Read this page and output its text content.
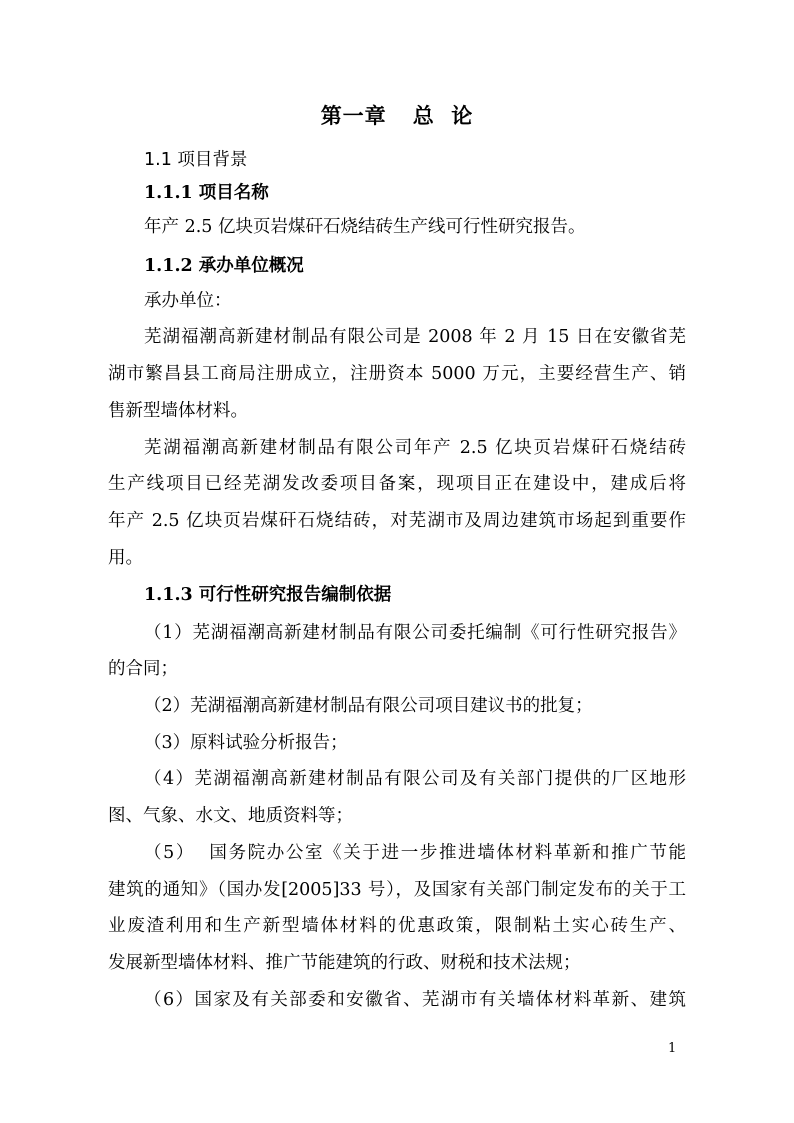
第一章 总  论
1.1 项目背景
1.1.1 项目名称
年产 2.5 亿块页岩煤矸石烧结砖生产线可行性研究报告。
1.1.2 承办单位概况
承办单位：
芜湖福潮高新建材制品有限公司是 2008 年 2 月 15 日在安徽省芜
湖市繁昌县工商局注册成立，注册资本 5000 万元，主要经营生产、销
售新型墙体材料。
芜湖福潮高新建材制品有限公司年产 2.5 亿块页岩煤矸石烧结砖
生产线项目已经芜湖发改委项目备案，现项目正在建设中，建成后将
年产 2.5 亿块页岩煤矸石烧结砖，对芜湖市及周边建筑市场起到重要作
用。
1.1.3 可行性研究报告编制依据
（1）芜湖福潮高新建材制品有限公司委托编制《可行性研究报告》
的合同；
（2）芜湖福潮高新建材制品有限公司项目建议书的批复；
（3）原料试验分析报告；
（4）芜湖福潮高新建材制品有限公司及有关部门提供的厂区地形
图、气象、水文、地质资料等；
（5）  国务院办公室《关于进一步推进墙体材料革新和推广节能
建筑的通知》（国办发[2005]33 号），及国家有关部门制定发布的关于工
业废渣利用和生产新型墙体材料的优惠政策，限制粘土实心砖生产、
发展新型墙体材料、推广节能建筑的行政、财税和技术法规；
（6）国家及有关部委和安徽省、芜湖市有关墙体材料革新、建筑
1
